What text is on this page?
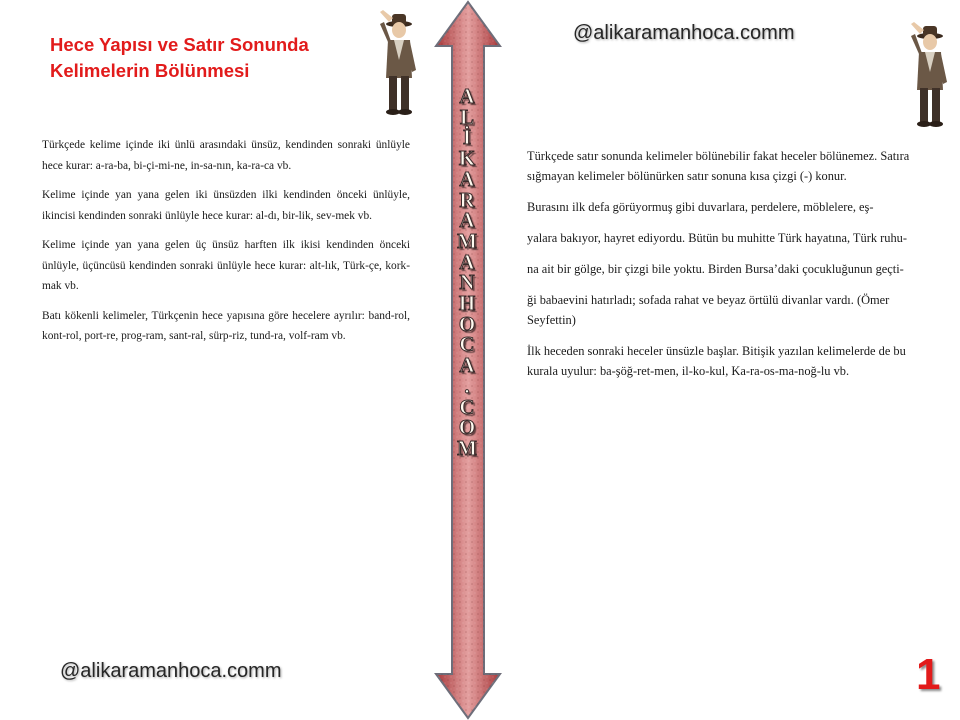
Hece Yapısı ve Satır Sonunda
Kelimelerin Bölünmesi
@alikaramanhoca.comm
@alikaramanhoca.comm	1
A
L
İ
K
A
R
A
M
A
N
H
O
C
A
.
C
O
M

Türkçede kelime içinde iki ünlü arasındaki ünsüz, kendinden sonraki ünlüyle hece kurar: a-ra-ba, bi-çi-mi-ne, in-sa-nın, ka-ra-ca vb.

Kelime içinde yan yana gelen iki ünsüzden ilki kendinden önceki ünlüyle, ikincisi kendinden sonraki ünlüyle hece kurar: al-dı, bir-lik, sev-mek vb.

Kelime içinde yan yana gelen üç ünsüz harften ilk ikisi kendinden önceki ünlüyle, üçüncüsü kendinden sonraki ünlüyle hece kurar: alt-lık, Türk-çe, kork-mak vb.

Batı kökenli kelimeler, Türkçenin hece yapısına göre hecelere ayrılır: band-rol, kont-rol, port-re, prog-ram, sant-ral, sürp-riz, tund-ra, volf-ram vb.

Türkçede satır sonunda kelimeler bölünebilir fakat heceler bölünemez. Satıra sığmayan kelimeler bölünürken satır sonuna kısa çizgi (-) konur.

Burasını ilk defa görüyormuş gibi duvarlara, perdelere, möblelere, eş-

yalara bakıyor, hayret ediyordu. Bütün bu muhitte Türk hayatına, Türk ruhu-

na ait bir gölge, bir çizgi bile yoktu. Birden Bursa’daki çocukluğunun geçti-

ği babaevini hatırladı; sofada rahat ve beyaz örtülü divanlar vardı. (Ömer Seyfettin)

İlk heceden sonraki heceler ünsüzle başlar. Bitişik yazılan kelimelerde de bu kurala uyulur: ba-şöğ-ret-men, il-ko-kul, Ka-ra-os-ma-noğ-lu vb.
